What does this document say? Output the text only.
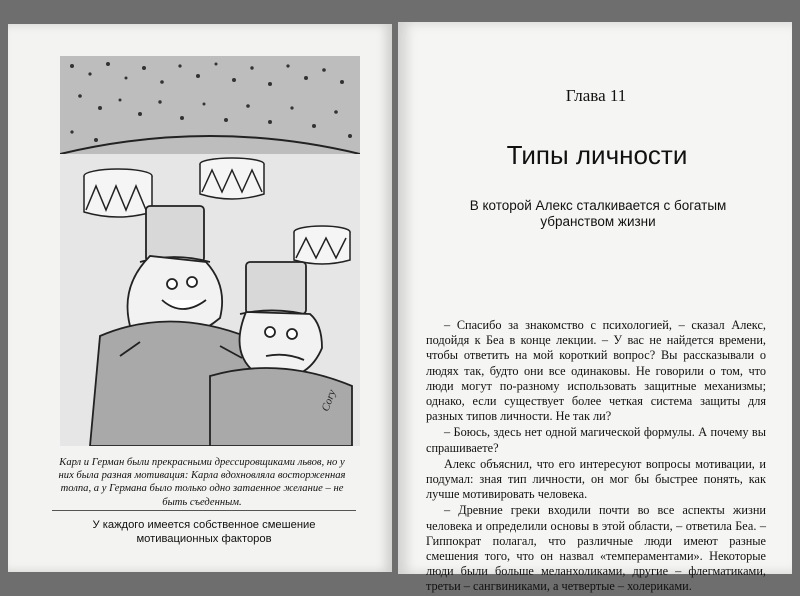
Cory
Карл и Герман были прекрасными дрессировщиками львов, но у них была разная мотивация: Карла вдохновляла восторженная толпа, а у Германа было только одно затаенное желание – не быть съеденным.
У каждого имеется собственное смешение мотивационных факторов
Глава 11
Типы личности
В которой Алекс сталкивается с богатым убранством жизни

– Спасибо за знакомство с психологией, – сказал Алекс, подойдя к Беа в конце лекции. – У вас не найдется времени, чтобы ответить на мой короткий вопрос? Вы рассказывали о людях так, будто они все одинаковы. Не говорили о том, что люди могут по-разному использовать защитные механизмы; однако, если существует более четкая система защиты для разных типов личности. Не так ли?

– Боюсь, здесь нет одной магической формулы. А почему вы спрашиваете?

Алекс объяснил, что его интересуют вопросы мотивации, и подумал: зная тип личности, он мог бы быстрее понять, как лучше мотивировать человека.

– Древние греки входили почти во все аспекты жизни человека и определили основы в этой области, – ответила Беа. – Гиппократ полагал, что различные люди имеют разные смешения того, что он назвал «темпераментами». Некоторые люди были больше меланхоликами, другие – флегматиками, третьи – сангвиниками, а четвертые – холериками.
